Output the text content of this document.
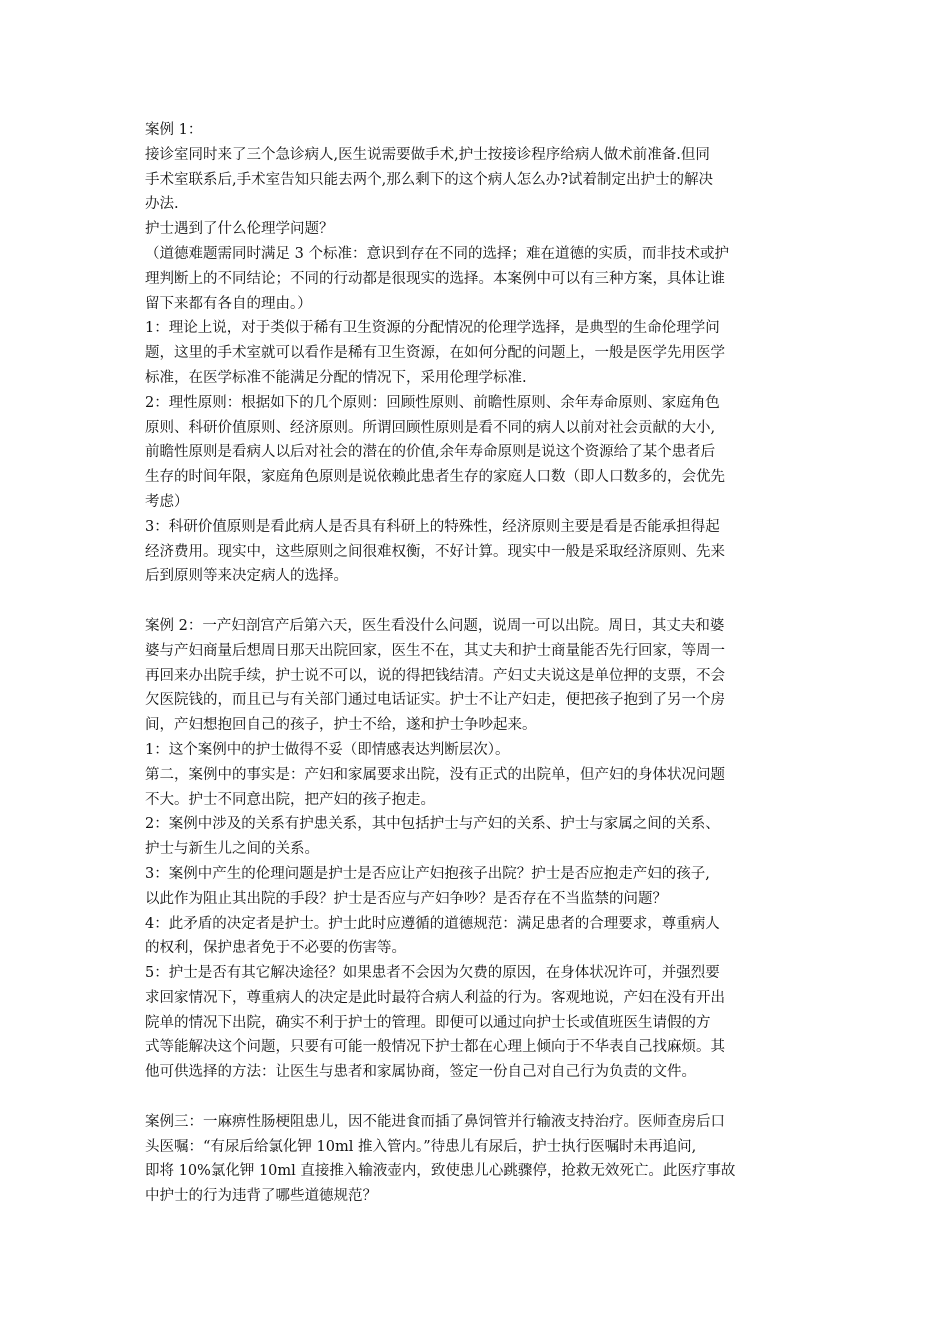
案例 1：
接诊室同时来了三个急诊病人,医生说需要做手术,护士按接诊程序给病人做术前准备.但同
手术室联系后,手术室告知只能去两个,那么剩下的这个病人怎么办?试着制定出护士的解决
办法.
护士遇到了什么伦理学问题？
（道德难题需同时满足 3 个标准：意识到存在不同的选择；难在道德的实质，而非技术或护
理判断上的不同结论；不同的行动都是很现实的选择。本案例中可以有三种方案，具体让谁
留下来都有各自的理由。）
1：理论上说，对于类似于稀有卫生资源的分配情况的伦理学选择，是典型的生命伦理学问
题，这里的手术室就可以看作是稀有卫生资源，在如何分配的问题上，一般是医学先用医学
标准，在医学标准不能满足分配的情况下，采用伦理学标准.
2：理性原则：根据如下的几个原则：回顾性原则、前瞻性原则、余年寿命原则、家庭角色
原则、科研价值原则、经济原则。所谓回顾性原则是看不同的病人以前对社会贡献的大小,
前瞻性原则是看病人以后对社会的潜在的价值,余年寿命原则是说这个资源给了某个患者后
生存的时间年限，家庭角色原则是说依赖此患者生存的家庭人口数（即人口数多的，会优先
考虑）
3：科研价值原则是看此病人是否具有科研上的特殊性，经济原则主要是看是否能承担得起
经济费用。现实中，这些原则之间很难权衡，不好计算。现实中一般是采取经济原则、先来
后到原则等来决定病人的选择。
案例 2：一产妇剖宫产后第六天，医生看没什么问题，说周一可以出院。周日，其丈夫和婆
婆与产妇商量后想周日那天出院回家，医生不在，其丈夫和护士商量能否先行回家，等周一
再回来办出院手续，护士说不可以，说的得把钱结清。产妇丈夫说这是单位押的支票，不会
欠医院钱的，而且已与有关部门通过电话证实。护士不让产妇走，便把孩子抱到了另一个房
间，产妇想抱回自己的孩子，护士不给，遂和护士争吵起来。
1：这个案例中的护士做得不妥（即情感表达判断层次）。
第二，案例中的事实是：产妇和家属要求出院，没有正式的出院单，但产妇的身体状况问题
不大。护士不同意出院，把产妇的孩子抱走。
2：案例中涉及的关系有护患关系，其中包括护士与产妇的关系、护士与家属之间的关系、
护士与新生儿之间的关系。
3：案例中产生的伦理问题是护士是否应让产妇抱孩子出院？护士是否应抱走产妇的孩子,
以此作为阻止其出院的手段？护士是否应与产妇争吵？是否存在不当监禁的问题？
4：此矛盾的决定者是护士。护士此时应遵循的道德规范：满足患者的合理要求，尊重病人
的权利，保护患者免于不必要的伤害等。
5：护士是否有其它解决途径？如果患者不会因为欠费的原因，在身体状况许可，并强烈要
求回家情况下，尊重病人的决定是此时最符合病人利益的行为。客观地说，产妇在没有开出
院单的情况下出院，确实不利于护士的管理。即便可以通过向护士长或值班医生请假的方
式等能解决这个问题，只要有可能一般情况下护士都在心理上倾向于不华表自己找麻烦。其
他可供选择的方法：让医生与患者和家属协商，签定一份自己对自己行为负责的文件。
案例三：一麻痹性肠梗阻患儿，因不能进食而插了鼻饲管并行输液支持治疗。医师查房后口
头医嘱：“有尿后给氯化钾 10ml 推入管内。”待患儿有尿后，护士执行医嘱时未再追问,
即将 10%氯化钾 10ml 直接推入输液壶内，致使患儿心跳骤停，抢救无效死亡。此医疗事故
中护士的行为违背了哪些道德规范？
